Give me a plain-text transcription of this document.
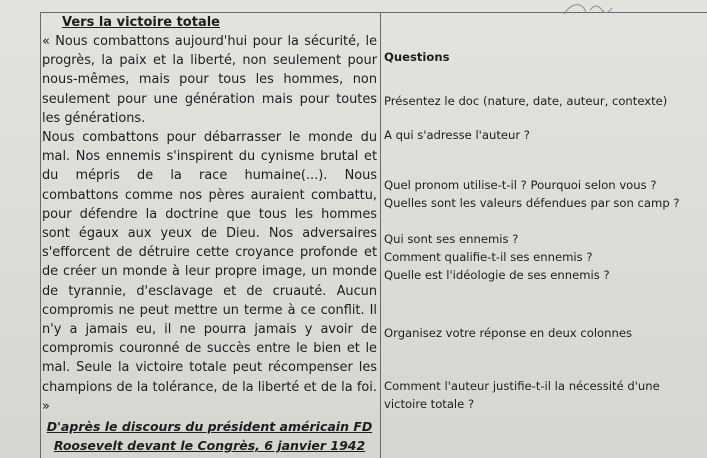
Vers la victoire totale
« Nous combattons aujourd'hui pour la sécurité, le progrès, la paix et la liberté, non seulement pour nous-mêmes, mais pour tous les hommes, non seulement pour une génération mais pour toutes les générations.
Nous combattons pour débarrasser le monde du mal. Nos ennemis s'inspirent du cynisme brutal et du mépris de la race humaine(...). Nous combattons comme nos pères auraient combattu, pour défendre la doctrine que tous les hommes sont égaux aux yeux de Dieu. Nos adversaires s'efforcent de détruire cette croyance profonde et de créer un monde à leur propre image, un monde de tyrannie, d'esclavage et de cruauté. Aucun compromis ne peut mettre un terme à ce conflit. Il n'y a jamais eu, il ne pourra jamais y avoir de compromis couronné de succès entre le bien et le mal. Seule la victoire totale peut récompenser les champions de la tolérance, de la liberté et de la foi. »
D'après le discours du président américain FD Roosevelt devant le Congrès, 6 janvier 1942
Questions
Présentez le doc (nature, date, auteur, contexte)
A qui s'adresse l'auteur ?
Quel pronom utilise-t-il ? Pourquoi selon vous ?
Quelles sont les valeurs défendues par son camp ?
Qui sont ses ennemis ?
Comment qualifie-t-il ses ennemis ?
Quelle est l'idéologie de ses ennemis ?
Organisez votre réponse en deux colonnes
Comment l'auteur justifie-t-il la nécessité d'une victoire totale ?
